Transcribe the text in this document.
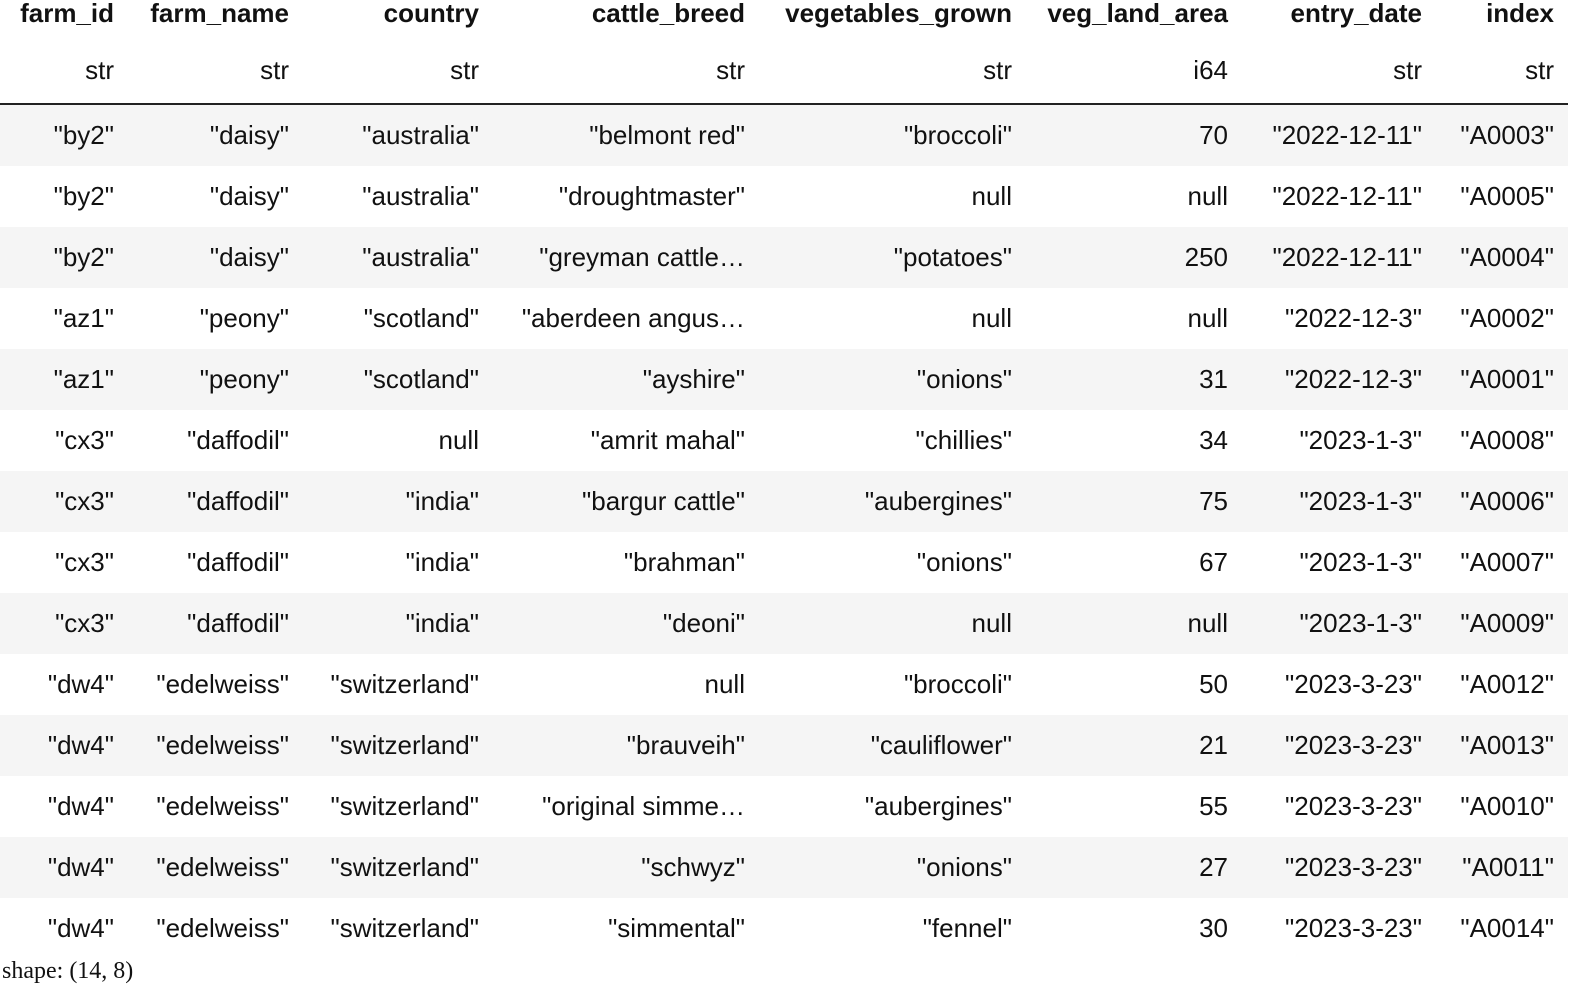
farm_id	farm_name	country	cattle_breed	vegetables_grown	veg_land_area	entry_date	index
str	str	str	str	str	i64	str	str
"by2"	"daisy"	"australia"	"belmont red"	"broccoli"	70	"2022-12-11"	"A0003"
"by2"	"daisy"	"australia"	"droughtmaster"	null	null	"2022-12-11"	"A0005"
"by2"	"daisy"	"australia"	"greyman cattle…	"potatoes"	250	"2022-12-11"	"A0004"
"az1"	"peony"	"scotland"	"aberdeen angus…	null	null	"2022-12-3"	"A0002"
"az1"	"peony"	"scotland"	"ayshire"	"onions"	31	"2022-12-3"	"A0001"
"cx3"	"daffodil"	null	"amrit mahal"	"chillies"	34	"2023-1-3"	"A0008"
"cx3"	"daffodil"	"india"	"bargur cattle"	"aubergines"	75	"2023-1-3"	"A0006"
"cx3"	"daffodil"	"india"	"brahman"	"onions"	67	"2023-1-3"	"A0007"
"cx3"	"daffodil"	"india"	"deoni"	null	null	"2023-1-3"	"A0009"
"dw4"	"edelweiss"	"switzerland"	null	"broccoli"	50	"2023-3-23"	"A0012"
"dw4"	"edelweiss"	"switzerland"	"brauveih"	"cauliflower"	21	"2023-3-23"	"A0013"
"dw4"	"edelweiss"	"switzerland"	"original simme…	"aubergines"	55	"2023-3-23"	"A0010"
"dw4"	"edelweiss"	"switzerland"	"schwyz"	"onions"	27	"2023-3-23"	"A0011"
"dw4"	"edelweiss"	"switzerland"	"simmental"	"fennel"	30	"2023-3-23"	"A0014"
shape: (14, 8)
